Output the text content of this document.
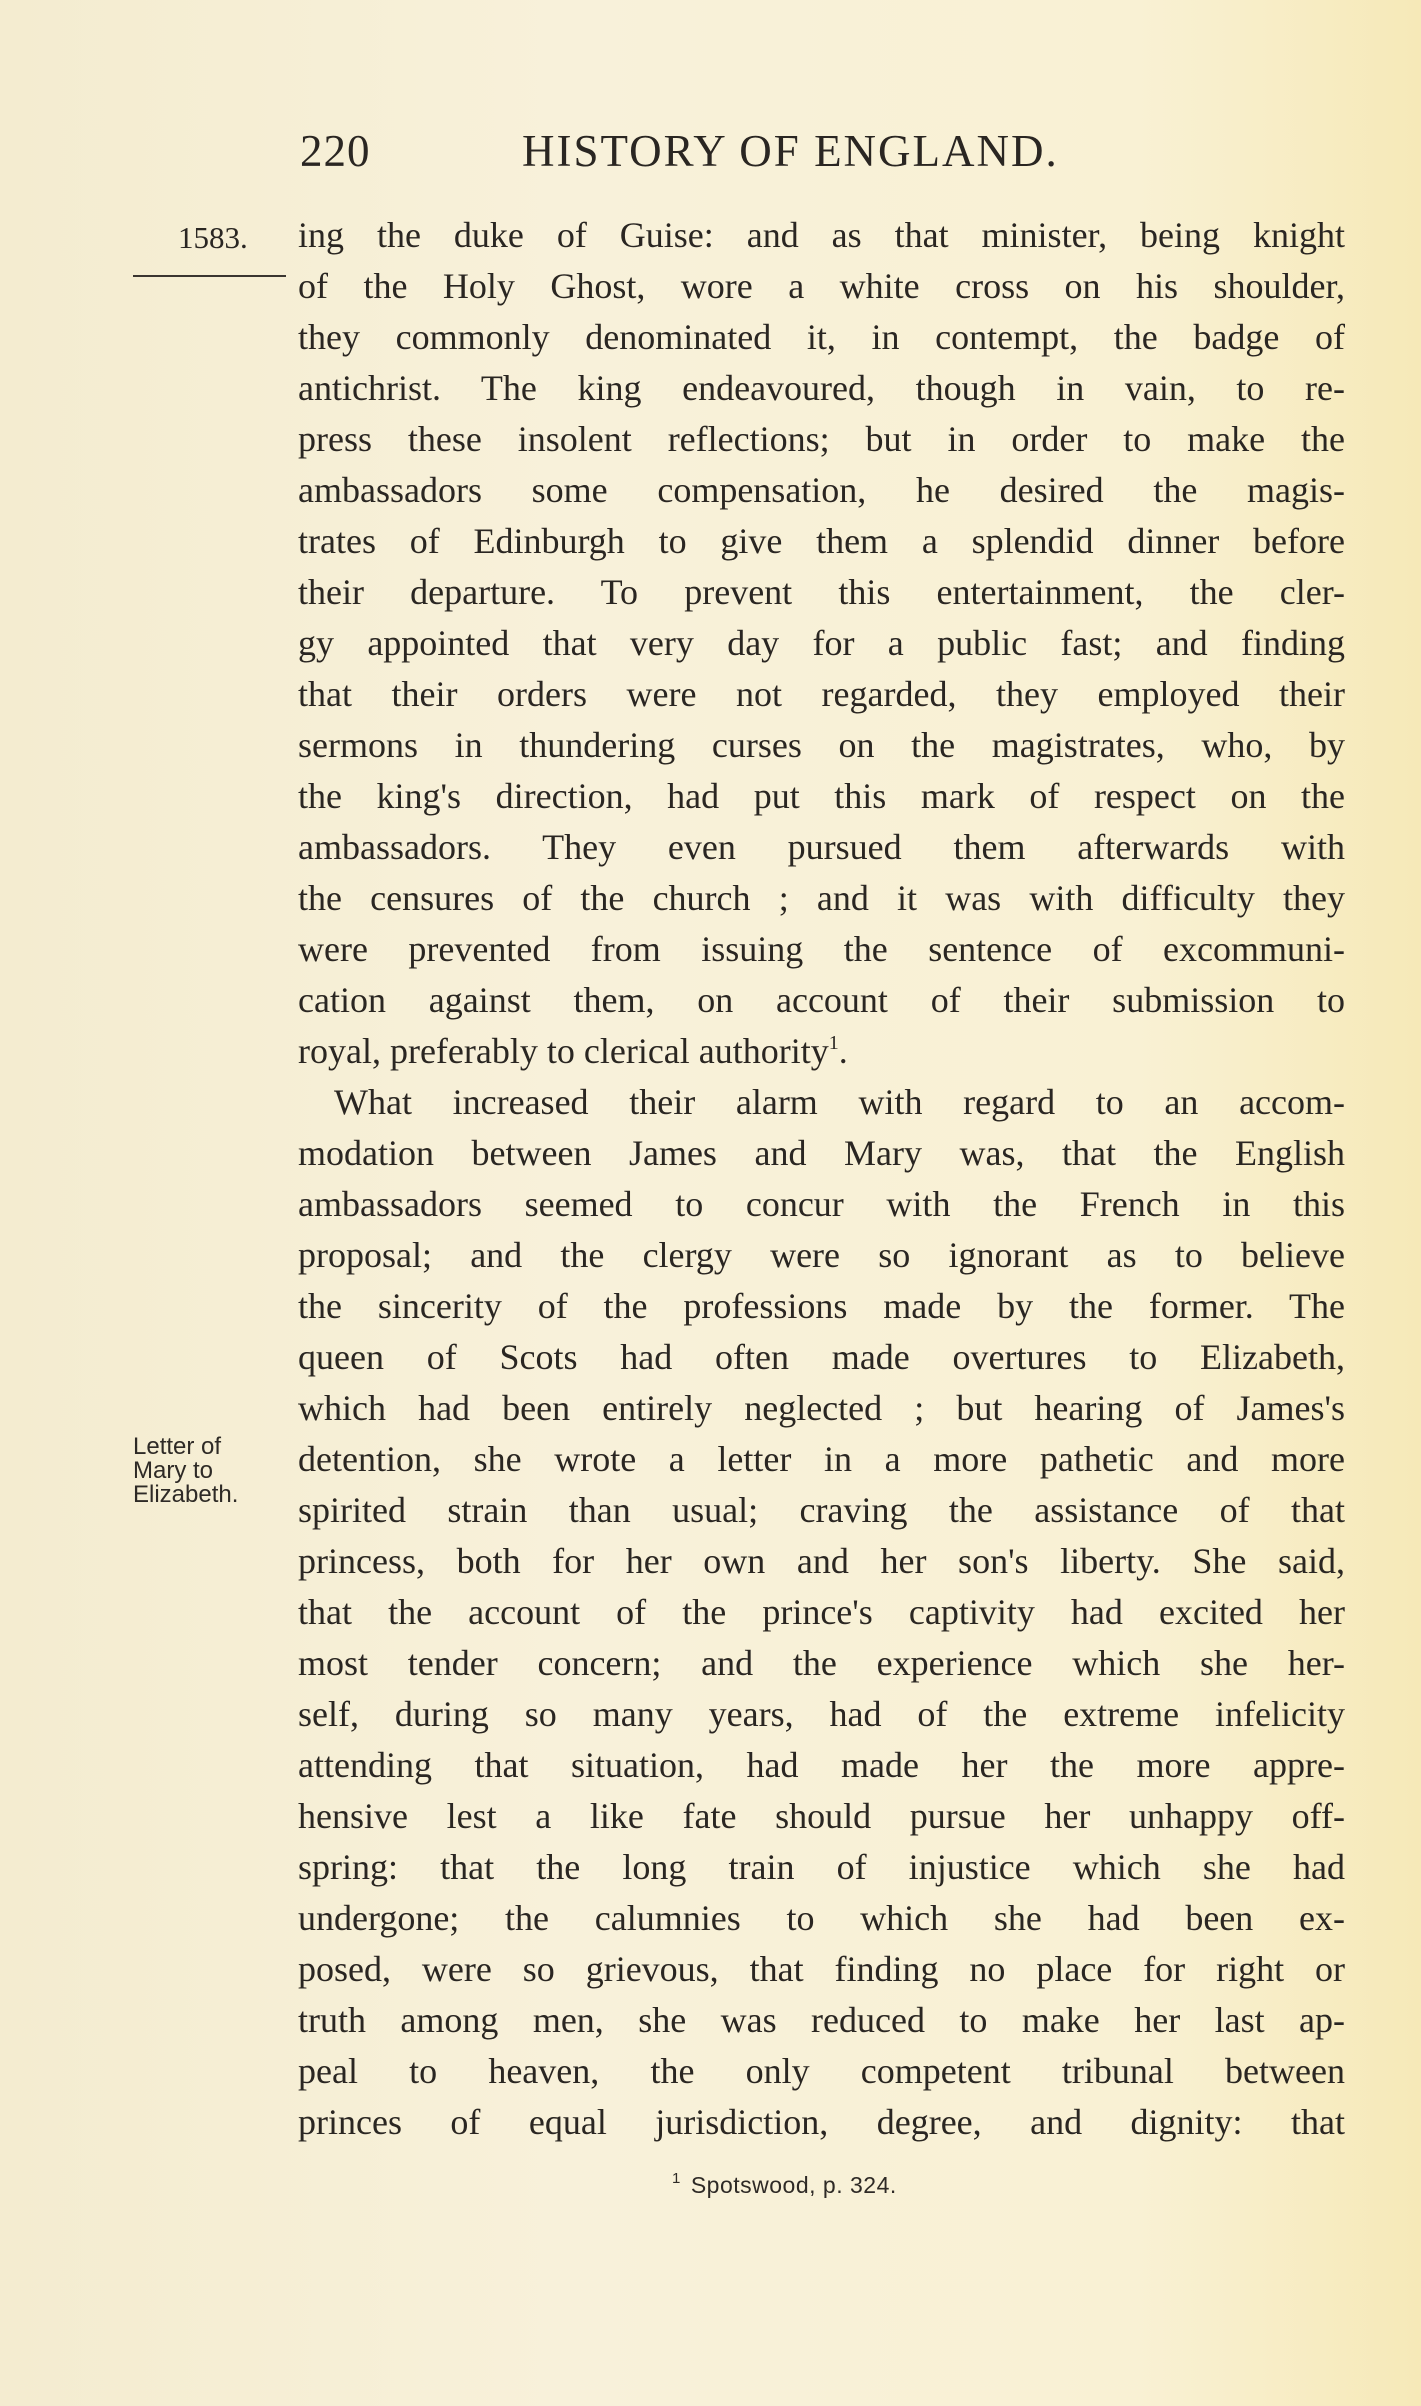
220	HISTORY OF ENGLAND.
1583.
Letter of
Mary to
Elizabeth.
ing the duke of Guise: and as that minister, being knight
of the Holy Ghost, wore a white cross on his shoulder,
they commonly denominated it, in contempt, the badge of
antichrist. The king endeavoured, though in vain, to re-
press these insolent reflections; but in order to make the
ambassadors some compensation, he desired the magis-
trates of Edinburgh to give them a splendid dinner before
their departure. To prevent this entertainment, the cler-
gy appointed that very day for a public fast; and finding
that their orders were not regarded, they employed their
sermons in thundering curses on the magistrates, who, by
the king's direction, had put this mark of respect on the
ambassadors. They even pursued them afterwards with
the censures of the church ; and it was with difficulty they
were prevented from issuing the sentence of excommuni-
cation against them, on account of their submission to
royal, preferably to clerical authority$^1$.
What increased their alarm with regard to an accom-
modation between James and Mary was, that the English
ambassadors seemed to concur with the French in this
proposal; and the clergy were so ignorant as to believe
the sincerity of the professions made by the former. The
queen of Scots had often made overtures to Elizabeth,
which had been entirely neglected ; but hearing of James's
detention, she wrote a letter in a more pathetic and more
spirited strain than usual; craving the assistance of that
princess, both for her own and her son's liberty. She said,
that the account of the prince's captivity had excited her
most tender concern; and the experience which she her-
self, during so many years, had of the extreme infelicity
attending that situation, had made her the more appre-
hensive lest a like fate should pursue her unhappy off-
spring: that the long train of injustice which she had
undergone; the calumnies to which she had been ex-
posed, were so grievous, that finding no place for right or
truth among men, she was reduced to make her last ap-
peal to heaven, the only competent tribunal between
princes of equal jurisdiction, degree, and dignity: that
$^1$ Spotswood, p. 324.
